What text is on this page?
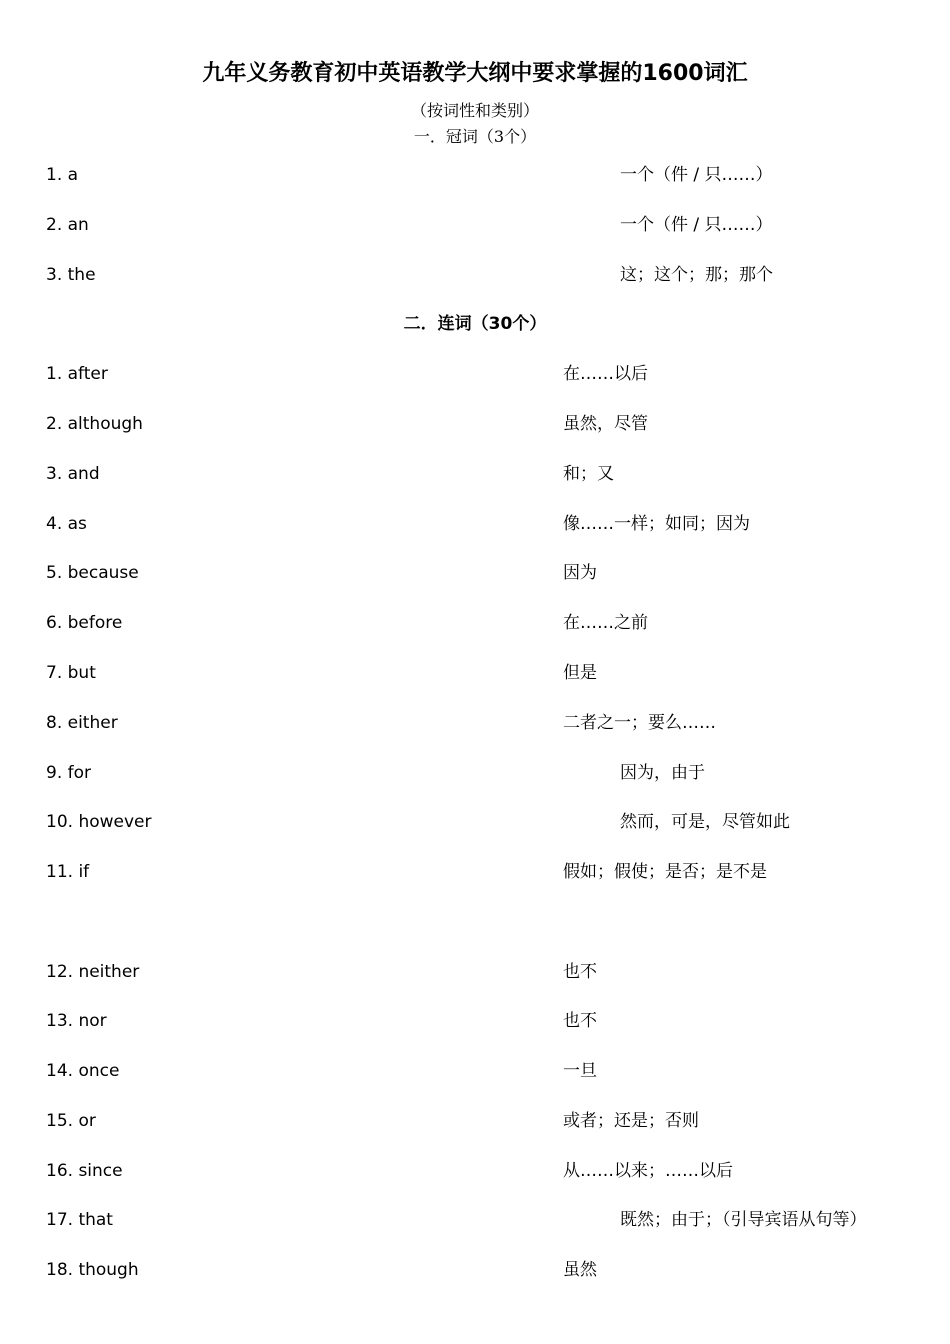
九年义务教育初中英语教学大纲中要求掌握的1600词汇
（按词性和类别）
一．冠词（3个）
1. a	一个（件 / 只……）
2. an	一个（件 / 只……）
3. the	这；这个；那；那个
二．连词（30个）
1. after	在……以后
2. although	虽然，尽管
3. and	和；又
4. as	像……一样；如同；因为
5. because	因为
6. before	在……之前
7. but	但是
8. either	二者之一；要么……
9. for	因为，由于
10. however	然而，可是，尽管如此
11. if	假如；假使；是否；是不是
12. neither	也不
13. nor	也不
14. once	一旦
15. or	或者；还是；否则
16. since	从……以来；……以后
17. that	既然；由于；（引导宾语从句等）
18. though	虽然
